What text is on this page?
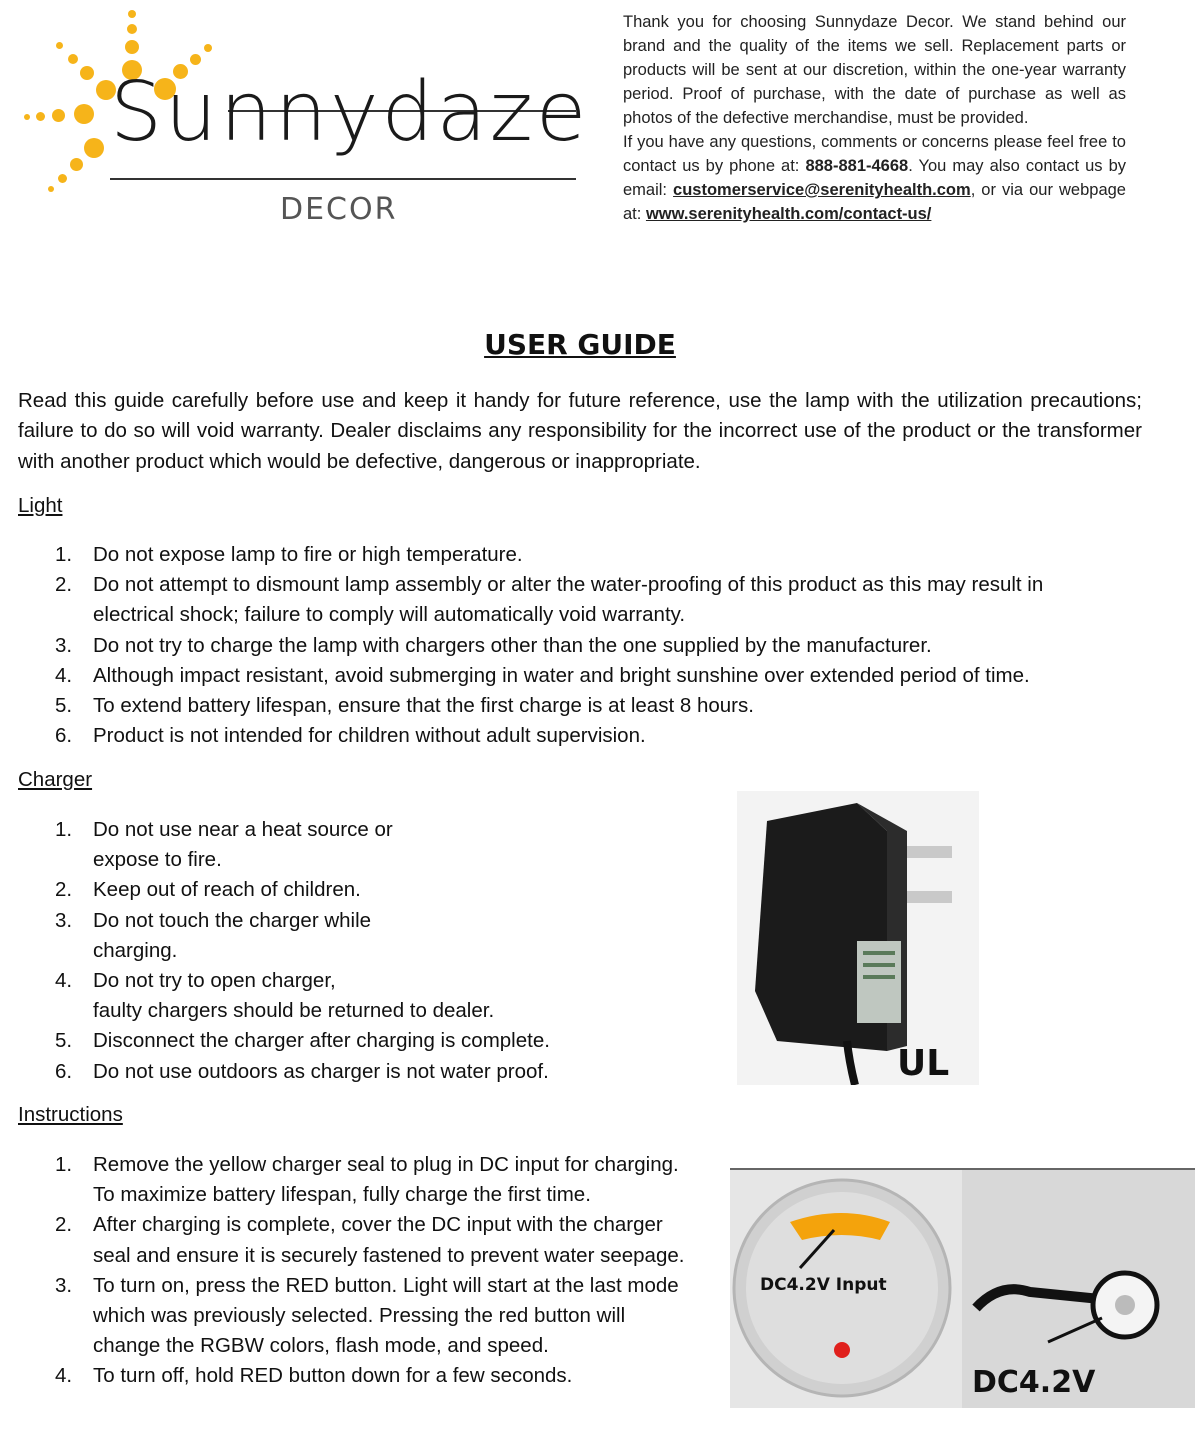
Sunnydaze
DECOR

Thank you for choosing Sunnydaze Decor. We stand behind our brand and the quality of the items we sell. Replacement parts or products will be sent at our discretion, within the one-year warranty period. Proof of purchase, with the date of purchase as well as photos of the defective merchandise, must be provided.

If you have any questions, comments or concerns please feel free to contact us by phone at: 888-881-4668. You may also contact us by email: customerservice@serenityhealth.com, or via our webpage at: www.serenityhealth.com/contact-us/

USER GUIDE

Read this guide carefully before use and keep it handy for future reference, use the lamp with the utilization precautions; failure to do so will void warranty. Dealer disclaims any responsibility for the incorrect use of the product or the transformer with another product which would be defective, dangerous or inappropriate.

Light
1. Do not expose lamp to fire or high temperature.
2. Do not attempt to dismount lamp assembly or alter the water-proofing of this product as this may result in
electrical shock; failure to comply will automatically void warranty.
3. Do not try to charge the lamp with chargers other than the one supplied by the manufacturer.
4. Although impact resistant, avoid submerging in water and bright sunshine over extended period of time.
5. To extend battery lifespan, ensure that the first charge is at least 8 hours.
6. Product is not intended for children without adult supervision.
Charger
1. Do not use near a heat source or
expose to fire.
2. Keep out of reach of children.
3. Do not touch the charger while
charging.
4. Do not try to open charger,
faulty chargers should be returned to dealer.
5. Disconnect the charger after charging is complete.
6. Do not use outdoors as charger is not water proof.	UL
Instructions
1. Remove the yellow charger seal to plug in DC input for charging.
To maximize battery lifespan, fully charge the first time.
2. After charging is complete, cover the DC input with the charger
seal and ensure it is securely fastened to prevent water seepage.
3. To turn on, press the RED button. Light will start at the last mode
which was previously selected. Pressing the red button will
change the RGBW colors, flash mode, and speed.
4. To turn off, hold RED button down for a few seconds.
DC4.2V Input
DC4.2V
